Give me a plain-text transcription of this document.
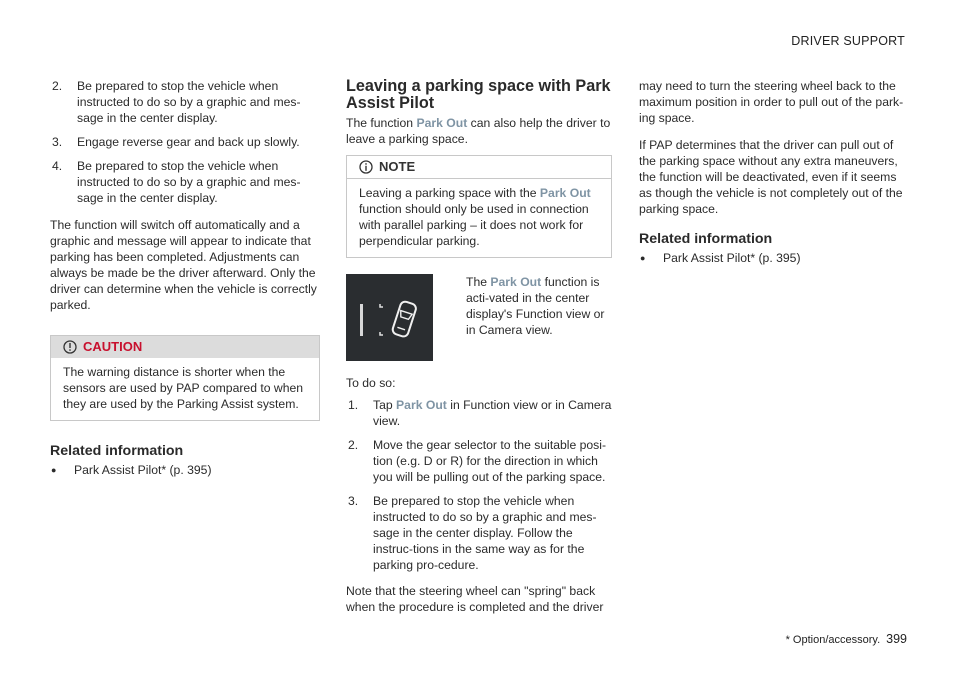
DRIVER SUPPORT
2. Be prepared to stop the vehicle when instructed to do so by a graphic and mes-sage in the center display.
3. Engage reverse gear and back up slowly.
4. Be prepared to stop the vehicle when instructed to do so by a graphic and mes-sage in the center display.

The function will switch off automatically and a graphic and message will appear to indicate that parking has been completed. Adjustments can always be made be the driver afterward. Only the driver can determine when the vehicle is correctly parked.

CAUTION
The warning distance is shorter when the sensors are used by PAP compared to when they are used by the Parking Assist system.
Related information
● Park Assist Pilot* (p. 395)
Leaving a parking space with Park Assist Pilot

The function Park Out can also help the driver to leave a parking space.

NOTE
Leaving a parking space with the Park Out function should only be used in connection with parallel parking – it does not work for perpendicular parking.
The Park Out function is acti-vated in the center display's Function view or in Camera view.

To do so:

1. Tap Park Out in Function view or in Camera view.
2. Move the gear selector to the suitable posi-tion (e.g. D or R) for the direction in which you will be pulling out of the parking space.
3. Be prepared to stop the vehicle when instructed to do so by a graphic and mes-sage in the center display. Follow the instruc-tions in the same way as for the parking pro-cedure.

Note that the steering wheel can "spring" back when the procedure is completed and the driver

may need to turn the steering wheel back to the maximum position in order to pull out of the park-ing space.

If PAP determines that the driver can pull out of the parking space without any extra maneuvers, the function will be deactivated, even if it seems as though the vehicle is not completely out of the parking space.

Related information
● Park Assist Pilot* (p. 395)
* Option/accessory. 399
